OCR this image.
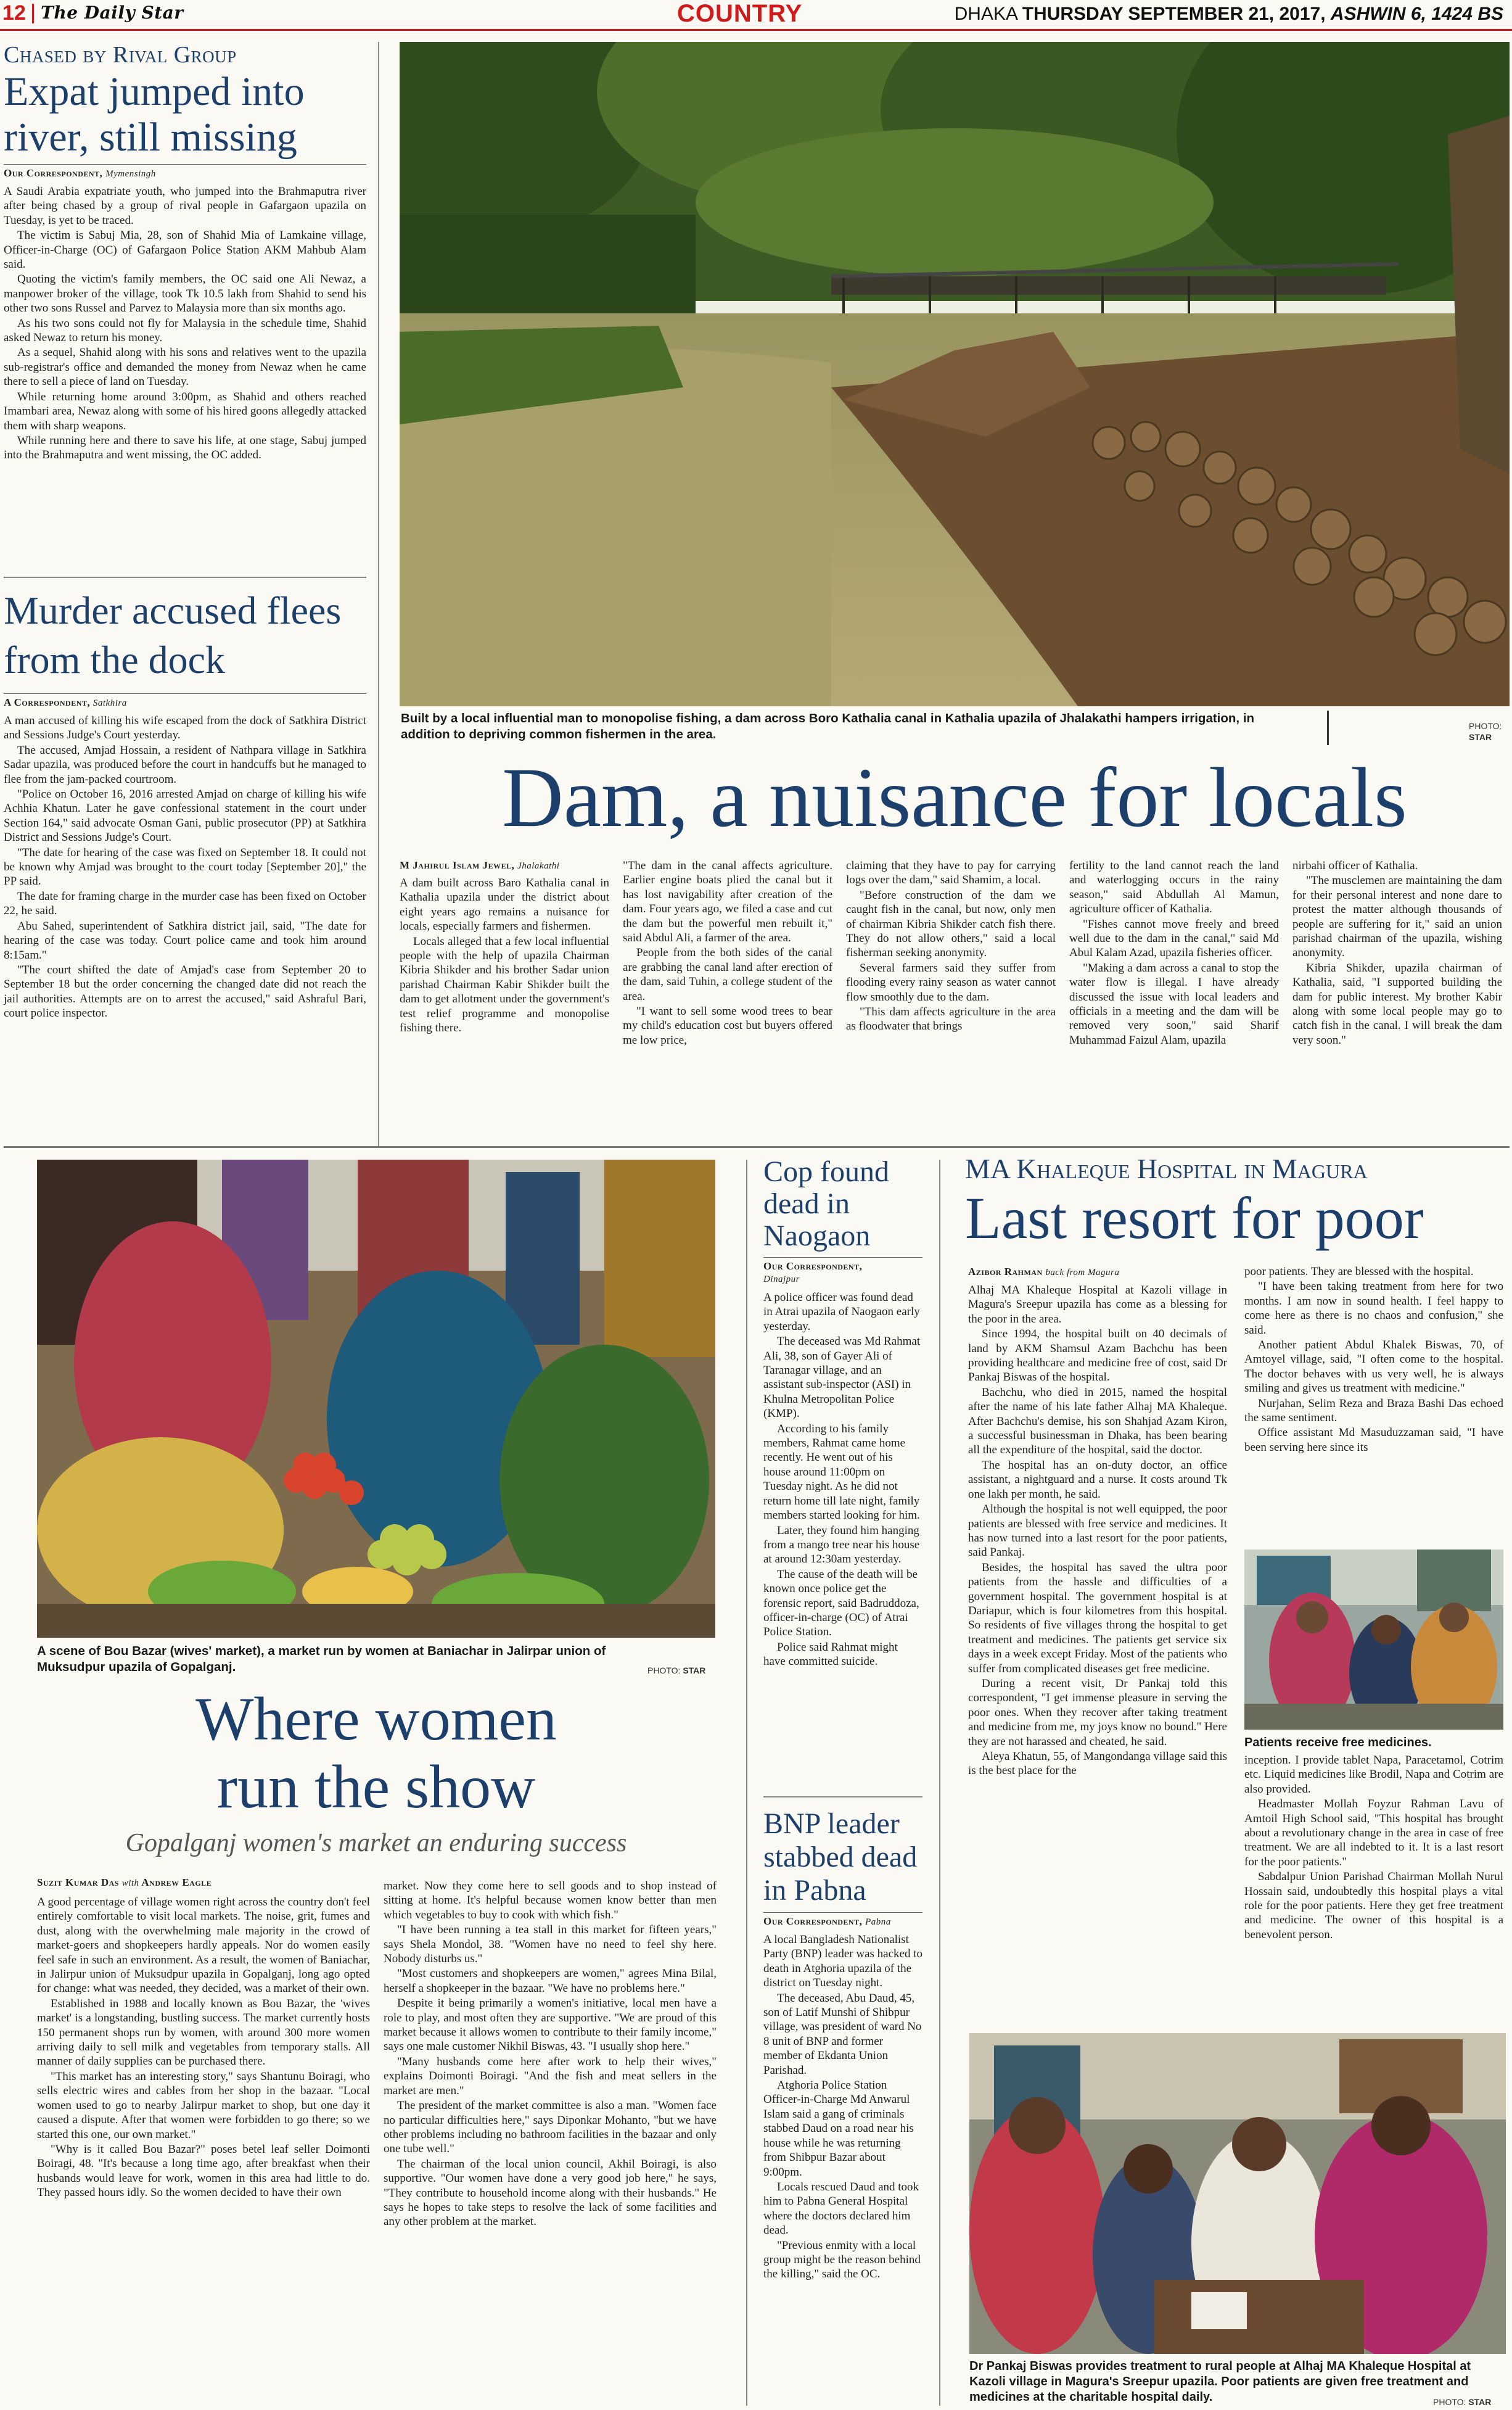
12 The Daily Star	COUNTRY	DHAKA THURSDAY SEPTEMBER 21, 2017, ASHWIN 6, 1424 BS
Chased by Rival Group
Expat jumped into river, still missing
Our Correspondent, Mymensingh

A Saudi Arabia expatriate youth, who jumped into the Brahmaputra river after being chased by a group of rival people in Gafargaon upazila on Tuesday, is yet to be traced.

The victim is Sabuj Mia, 28, son of Shahid Mia of Lamkaine village, Officer-in-Charge (OC) of Gafargaon Police Station AKM Mahbub Alam said.

Quoting the victim's family members, the OC said one Ali Newaz, a manpower broker of the village, took Tk 10.5 lakh from Shahid to send his other two sons Russel and Parvez to Malaysia more than six months ago.

As his two sons could not fly for Malaysia in the schedule time, Shahid asked Newaz to return his money.

As a sequel, Shahid along with his sons and relatives went to the upazila sub-registrar's office and demanded the money from Newaz when he came there to sell a piece of land on Tuesday.

While returning home around 3:00pm, as Shahid and others reached Imambari area, Newaz along with some of his hired goons allegedly attacked them with sharp weapons.

While running here and there to save his life, at one stage, Sabuj jumped into the Brahmaputra and went missing, the OC added.

Murder accused flees from the dock
A Correspondent, Satkhira

A man accused of killing his wife escaped from the dock of Satkhira District and Sessions Judge's Court yesterday.

The accused, Amjad Hossain, a resident of Nathpara village in Satkhira Sadar upazila, was produced before the court in handcuffs but he managed to flee from the jam-packed courtroom.

"Police on October 16, 2016 arrested Amjad on charge of killing his wife Achhia Khatun. Later he gave confessional statement in the court under Section 164," said advocate Osman Gani, public prosecutor (PP) at Satkhira District and Sessions Judge's Court.

"The date for hearing of the case was fixed on September 18. It could not be known why Amjad was brought to the court today [September 20]," the PP said.

The date for framing charge in the murder case has been fixed on October 22, he said.

Abu Sahed, superintendent of Satkhira district jail, said, "The date for hearing of the case was today. Court police came and took him around 8:15am."

"The court shifted the date of Amjad's case from September 20 to September 18 but the order concerning the changed date did not reach the jail authorities. Attempts are on to arrest the accused," said Ashraful Bari, court police inspector.

Built by a local influential man to monopolise fishing, a dam across Boro Kathalia canal in Kathalia upazila of Jhalakathi hampers irrigation, in addition to depriving common fishermen in the area.
PHOTO:
STAR
Dam, a nuisance for locals
M Jahirul Islam Jewel, Jhalakathi

A dam built across Baro Kathalia canal in Kathalia upazila under the district about eight years ago remains a nuisance for locals, especially farmers and fishermen.

Locals alleged that a few local influential people with the help of upazila Chairman Kibria Shikder and his brother Sadar union parishad Chairman Kabir Shikder built the dam to get allotment under the government's test relief programme and monopolise fishing there.

"The dam in the canal affects agriculture. Earlier engine boats plied the canal but it has lost navigability after creation of the dam. Four years ago, we filed a case and cut the dam but the powerful men rebuilt it," said Abdul Ali, a farmer of the area.

People from the both sides of the canal are grabbing the canal land after erection of the dam, said Tuhin, a college student of the area.

"I want to sell some wood trees to bear my child's education cost but buyers offered me low price,

claiming that they have to pay for carrying logs over the dam," said Shamim, a local.

"Before construction of the dam we caught fish in the canal, but now, only men of chairman Kibria Shikder catch fish there. They do not allow others," said a local fisherman seeking anonymity.

Several farmers said they suffer from flooding every rainy season as water cannot flow smoothly due to the dam.

"This dam affects agriculture in the area as floodwater that brings

fertility to the land cannot reach the land and waterlogging occurs in the rainy season," said Abdullah Al Mamun, agriculture officer of Kathalia.

"Fishes cannot move freely and breed well due to the dam in the canal," said Md Abul Kalam Azad, upazila fisheries officer.

"Making a dam across a canal to stop the water flow is illegal. I have already discussed the issue with local leaders and officials in a meeting and the dam will be removed very soon," said Sharif Muhammad Faizul Alam, upazila

nirbahi officer of Kathalia.

"The musclemen are maintaining the dam for their personal interest and none dare to protest the matter although thousands of people are suffering for it," said an union parishad chairman of the upazila, wishing anonymity.

Kibria Shikder, upazila chairman of Kathalia, said, "I supported building the dam for public interest. My brother Kabir along with some local people may go to catch fish in the canal. I will break the dam very soon."

A scene of Bou Bazar (wives' market), a market run by women at Baniachar in Jalirpar union of Muksudpur upazila of Gopalganj.	PHOTO: STAR
Where women
run the show
Gopalganj women's market an enduring success
Suzit Kumar Das with Andrew Eagle

A good percentage of village women right across the country don't feel entirely comfortable to visit local markets. The noise, grit, fumes and dust, along with the overwhelming male majority in the crowd of market-goers and shopkeepers hardly appeals. Nor do women easily feel safe in such an environment. As a result, the women of Baniachar, in Jalirpur union of Muksudpur upazila in Gopalganj, long ago opted for change: what was needed, they decided, was a market of their own.

Established in 1988 and locally known as Bou Bazar, the 'wives market' is a longstanding, bustling success. The market currently hosts 150 permanent shops run by women, with around 300 more women arriving daily to sell milk and vegetables from temporary stalls. All manner of daily supplies can be purchased there.

"This market has an interesting story," says Shantunu Boiragi, who sells electric wires and cables from her shop in the bazaar. "Local women used to go to nearby Jalirpur market to shop, but one day it caused a dispute. After that women were forbidden to go there; so we started this one, our own market."

"Why is it called Bou Bazar?" poses betel leaf seller Doimonti Boiragi, 48. "It's because a long time ago, after breakfast when their husbands would leave for work, women in this area had little to do. They passed hours idly. So the women decided to have their own

market. Now they come here to sell goods and to shop instead of sitting at home. It's helpful because women know better than men which vegetables to buy to cook with which fish."

"I have been running a tea stall in this market for fifteen years," says Shela Mondol, 38. "Women have no need to feel shy here. Nobody disturbs us."

"Most customers and shopkeepers are women," agrees Mina Bilal, herself a shopkeeper in the bazaar. "We have no problems here."

Despite it being primarily a women's initiative, local men have a role to play, and most often they are supportive. "We are proud of this market because it allows women to contribute to their family income," says one male customer Nikhil Biswas, 43. "I usually shop here."

"Many husbands come here after work to help their wives," explains Doimonti Boiragi. "And the fish and meat sellers in the market are men."

The president of the market committee is also a man. "Women face no particular difficulties here," says Diponkar Mohanto, "but we have other problems including no bathroom facilities in the bazaar and only one tube well."

The chairman of the local union council, Akhil Boiragi, is also supportive. "Our women have done a very good job here," he says, "They contribute to household income along with their husbands." He says he hopes to take steps to resolve the lack of some facilities and any other problem at the market.

Cop found dead in Naogaon
Our Correspondent,
Dinajpur

A police officer was found dead in Atrai upazila of Naogaon early yesterday.

The deceased was Md Rahmat Ali, 38, son of Gayer Ali of Taranagar village, and an assistant sub-inspector (ASI) in Khulna Metropolitan Police (KMP).

According to his family members, Rahmat came home recently. He went out of his house around 11:00pm on Tuesday night. As he did not return home till late night, family members started looking for him.

Later, they found him hanging from a mango tree near his house at around 12:30am yesterday.

The cause of the death will be known once police get the forensic report, said Badruddoza, officer-in-charge (OC) of Atrai Police Station.

Police said Rahmat might have committed suicide.

BNP leader stabbed dead in Pabna
Our Correspondent, Pabna

A local Bangladesh Nationalist Party (BNP) leader was hacked to death in Atghoria upazila of the district on Tuesday night.

The deceased, Abu Daud, 45, son of Latif Munshi of Shibpur village, was president of ward No 8 unit of BNP and former member of Ekdanta Union Parishad.

Atghoria Police Station Officer-in-Charge Md Anwarul Islam said a gang of criminals stabbed Daud on a road near his house while he was returning from Shibpur Bazar about 9:00pm.

Locals rescued Daud and took him to Pabna General Hospital where the doctors declared him dead.

"Previous enmity with a local group might be the reason behind the killing," said the OC.

MA Khaleque Hospital in Magura
Last resort for poor
Azibor Rahman back from Magura

Alhaj MA Khaleque Hospital at Kazoli village in Magura's Sreepur upazila has come as a blessing for the poor in the area.

Since 1994, the hospital built on 40 decimals of land by AKM Shamsul Azam Bachchu has been providing healthcare and medicine free of cost, said Dr Pankaj Biswas of the hospital.

Bachchu, who died in 2015, named the hospital after the name of his late father Alhaj MA Khaleque. After Bachchu's demise, his son Shahjad Azam Kiron, a successful businessman in Dhaka, has been bearing all the expenditure of the hospital, said the doctor.

The hospital has an on-duty doctor, an office assistant, a nightguard and a nurse. It costs around Tk one lakh per month, he said.

Although the hospital is not well equipped, the poor patients are blessed with free service and medicines. It has now turned into a last resort for the poor patients, said Pankaj.

Besides, the hospital has saved the ultra poor patients from the hassle and difficulties of a government hospital. The government hospital is at Dariapur, which is four kilometres from this hospital. So residents of five villages throng the hospital to get treatment and medicines. The patients get service six days in a week except Friday. Most of the patients who suffer from complicated diseases get free medicine.

During a recent visit, Dr Pankaj told this correspondent, "I get immense pleasure in serving the poor ones. When they recover after taking treatment and medicine from me, my joys know no bound." Here they are not harassed and cheated, he said.

Aleya Khatun, 55, of Mangondanga village said this is the best place for the

poor patients. They are blessed with the hospital.

"I have been taking treatment from here for two months. I am now in sound health. I feel happy to come here as there is no chaos and confusion," she said.

Another patient Abdul Khalek Biswas, 70, of Amtoyel village, said, "I often come to the hospital. The doctor behaves with us very well, he is always smiling and gives us treatment with medicine."

Nurjahan, Selim Reza and Braza Bashi Das echoed the same sentiment.

Office assistant Md Masuduzzaman said, "I have been serving here since its

Patients receive free medicines.

inception. I provide tablet Napa, Paracetamol, Cotrim etc. Liquid medicines like Brodil, Napa and Cotrim are also provided.

Headmaster Mollah Foyzur Rahman Lavu of Amtoil High School said, "This hospital has brought about a revolutionary change in the area in case of free treatment. We are all indebted to it. It is a last resort for the poor patients."

Sabdalpur Union Parishad Chairman Mollah Nurul Hossain said, undoubtedly this hospital plays a vital role for the poor patients. Here they get free treatment and medicine. The owner of this hospital is a benevolent person.

Dr Pankaj Biswas provides treatment to rural people at Alhaj MA Khaleque Hospital at Kazoli village in Magura's Sreepur upazila. Poor patients are given free treatment and medicines at the charitable hospital daily.	PHOTO: STAR
